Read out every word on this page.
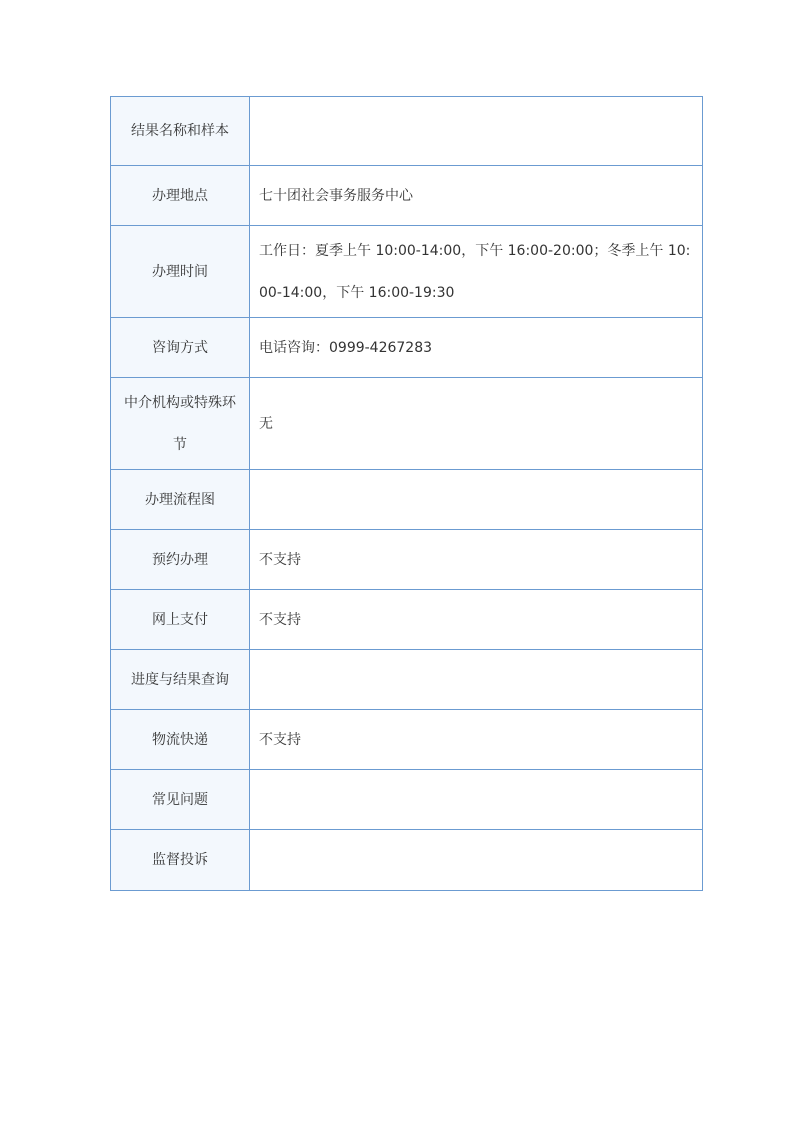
结果名称和样本	

办理地点	七十团社会事务服务中心

办理时间	工作日：夏季上午 10:00-14:00，下午 16:00-20:00；冬季上午 10:00-14:00，下午 16:00-19:30

咨询方式	电话咨询：0999-4267283

中介机构或特殊环节	无

办理流程图	

预约办理	不支持

网上支付	不支持

进度与结果查询	

物流快递	不支持

常见问题	

监督投诉	
